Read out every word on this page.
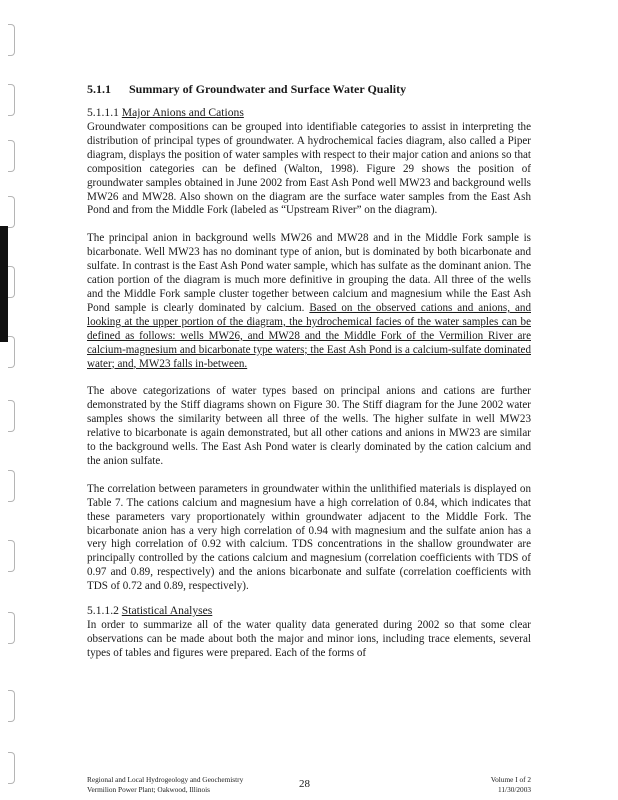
5.1.1 Summary of Groundwater and Surface Water Quality
5.1.1.1 Major Anions and Cations

Groundwater compositions can be grouped into identifiable categories to assist in interpreting the distribution of principal types of groundwater. A hydrochemical facies diagram, also called a Piper diagram, displays the position of water samples with respect to their major cation and anions so that composition categories can be defined (Walton, 1998). Figure 29 shows the position of groundwater samples obtained in June 2002 from East Ash Pond well MW23 and background wells MW26 and MW28. Also shown on the diagram are the surface water samples from the East Ash Pond and from the Middle Fork (labeled as “Upstream River” on the diagram).

The principal anion in background wells MW26 and MW28 and in the Middle Fork sample is bicarbonate. Well MW23 has no dominant type of anion, but is dominated by both bicarbonate and sulfate. In contrast is the East Ash Pond water sample, which has sulfate as the dominant anion. The cation portion of the diagram is much more definitive in grouping the data. All three of the wells and the Middle Fork sample cluster together between calcium and magnesium while the East Ash Pond sample is clearly dominated by calcium. Based on the observed cations and anions, and looking at the upper portion of the diagram, the hydrochemical facies of the water samples can be defined as follows: wells MW26, and MW28 and the Middle Fork of the Vermilion River are calcium-magnesium and bicarbonate type waters; the East Ash Pond is a calcium-sulfate dominated water; and, MW23 falls in-between.

The above categorizations of water types based on principal anions and cations are further demonstrated by the Stiff diagrams shown on Figure 30. The Stiff diagram for the June 2002 water samples shows the similarity between all three of the wells. The higher sulfate in well MW23 relative to bicarbonate is again demonstrated, but all other cations and anions in MW23 are similar to the background wells. The East Ash Pond water is clearly dominated by the cation calcium and the anion sulfate.

The correlation between parameters in groundwater within the unlithified materials is displayed on Table 7. The cations calcium and magnesium have a high correlation of 0.84, which indicates that these parameters vary proportionately within groundwater adjacent to the Middle Fork. The bicarbonate anion has a very high correlation of 0.94 with magnesium and the sulfate anion has a very high correlation of 0.92 with calcium. TDS concentrations in the shallow groundwater are principally controlled by the cations calcium and magnesium (correlation coefficients with TDS of 0.97 and 0.89, respectively) and the anions bicarbonate and sulfate (correlation coefficients with TDS of 0.72 and 0.89, respectively).

5.1.1.2 Statistical Analyses

In order to summarize all of the water quality data generated during 2002 so that some clear observations can be made about both the major and minor ions, including trace elements, several types of tables and figures were prepared. Each of the forms of

Regional and Local Hydrogeology and Geochemistry
Vermilion Power Plant; Oakwood, Illinois	28	Volume I of 2
11/30/2003
